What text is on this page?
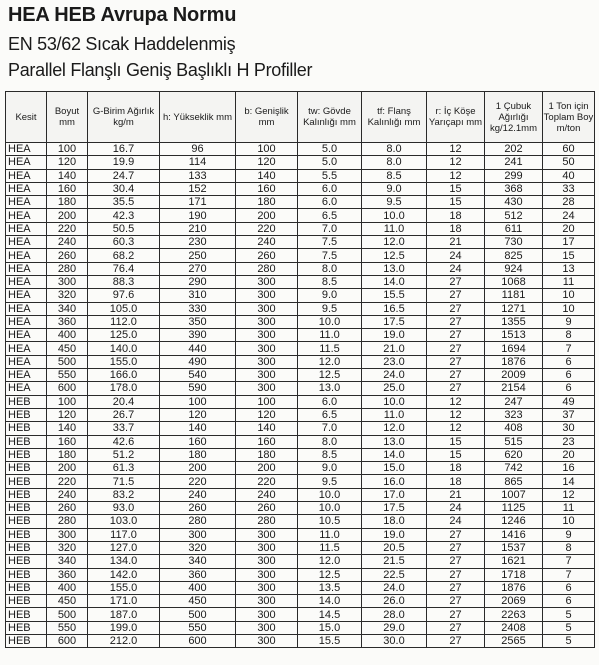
HEA HEB Avrupa Normu
EN 53/62 Sıcak Haddelenmiş
Parallel Flanşlı Geniş Başlıklı H Profiller
Kesit	Boyut mm	G-Birim Ağırlık kg/m	h: Yükseklik mm	b: Genişlik mm	tw: Gövde Kalınlığı mm	tf: Flanş Kalınlığı mm	r: İç Köşe Yarıçapı mm	1 Çubuk Ağırlığı kg/12.1mm	1 Ton için Toplam Boy m/ton
HEA	100	16.7	96	100	5.0	8.0	12	202	60
HEA	120	19.9	114	120	5.0	8.0	12	241	50
HEA	140	24.7	133	140	5.5	8.5	12	299	40
HEA	160	30.4	152	160	6.0	9.0	15	368	33
HEA	180	35.5	171	180	6.0	9.5	15	430	28
HEA	200	42.3	190	200	6.5	10.0	18	512	24
HEA	220	50.5	210	220	7.0	11.0	18	611	20
HEA	240	60.3	230	240	7.5	12.0	21	730	17
HEA	260	68.2	250	260	7.5	12.5	24	825	15
HEA	280	76.4	270	280	8.0	13.0	24	924	13
HEA	300	88.3	290	300	8.5	14.0	27	1068	11
HEA	320	97.6	310	300	9.0	15.5	27	1181	10
HEA	340	105.0	330	300	9.5	16.5	27	1271	10
HEA	360	112.0	350	300	10.0	17.5	27	1355	9
HEA	400	125.0	390	300	11.0	19.0	27	1513	8
HEA	450	140.0	440	300	11.5	21.0	27	1694	7
HEA	500	155.0	490	300	12.0	23.0	27	1876	6
HEA	550	166.0	540	300	12.5	24.0	27	2009	6
HEA	600	178.0	590	300	13.0	25.0	27	2154	6
HEB	100	20.4	100	100	6.0	10.0	12	247	49
HEB	120	26.7	120	120	6.5	11.0	12	323	37
HEB	140	33.7	140	140	7.0	12.0	12	408	30
HEB	160	42.6	160	160	8.0	13.0	15	515	23
HEB	180	51.2	180	180	8.5	14.0	15	620	20
HEB	200	61.3	200	200	9.0	15.0	18	742	16
HEB	220	71.5	220	220	9.5	16.0	18	865	14
HEB	240	83.2	240	240	10.0	17.0	21	1007	12
HEB	260	93.0	260	260	10.0	17.5	24	1125	11
HEB	280	103.0	280	280	10.5	18.0	24	1246	10
HEB	300	117.0	300	300	11.0	19.0	27	1416	9
HEB	320	127.0	320	300	11.5	20.5	27	1537	8
HEB	340	134.0	340	300	12.0	21.5	27	1621	7
HEB	360	142.0	360	300	12.5	22.5	27	1718	7
HEB	400	155.0	400	300	13.5	24.0	27	1876	6
HEB	450	171.0	450	300	14.0	26.0	27	2069	6
HEB	500	187.0	500	300	14.5	28.0	27	2263	5
HEB	550	199.0	550	300	15.0	29.0	27	2408	5
HEB	600	212.0	600	300	15.5	30.0	27	2565	5
